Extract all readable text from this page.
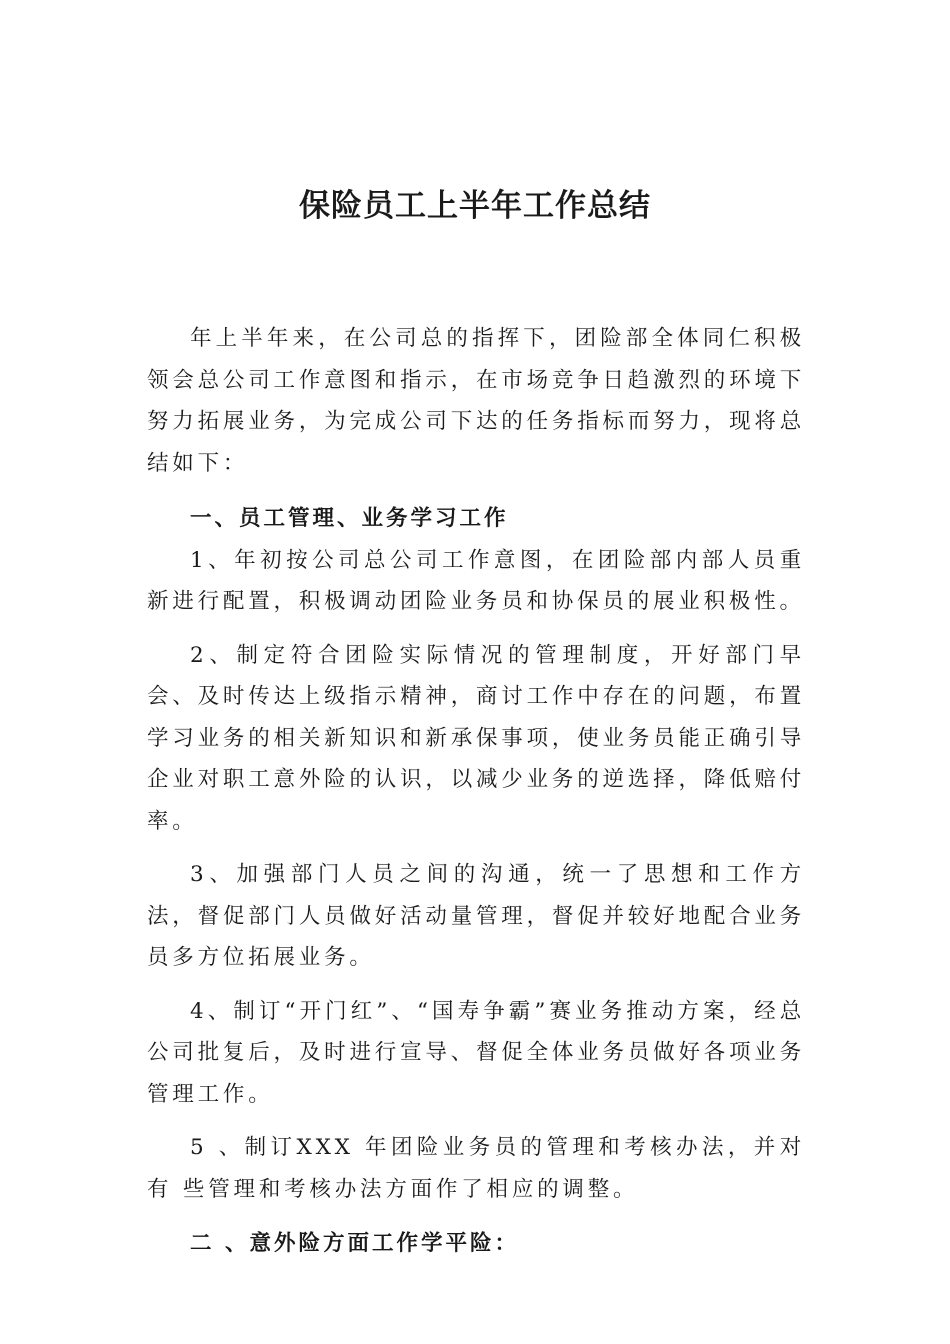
保险员工上半年工作总结

年上半年来，在公司总的指挥下，团险部全体同仁积极领会总公司工作意图和指示，在市场竞争日趋激烈的环境下努力拓展业务，为完成公司下达的任务指标而努力，现将总结如下：

一、员工管理、业务学习工作

1、年初按公司总公司工作意图，在团险部内部人员重新进行配置，积极调动团险业务员和协保员的展业积极性。

2、制定符合团险实际情况的管理制度，开好部门早会、及时传达上级指示精神，商讨工作中存在的问题，布置学习业务的相关新知识和新承保事项，使业务员能正确引导企业对职工意外险的认识，以减少业务的逆选择，降低赔付率。

3、加强部门人员之间的沟通，统一了思想和工作方法，督促部门人员做好活动量管理，督促并较好地配合业务员多方位拓展业务。

4、制订“开门红”、“国寿争霸”赛业务推动方案，经总公司批复后，及时进行宣导、督促全体业务员做好各项业务管理工作。

5 、制订XXX 年团险业务员的管理和考核办法，并对有 些管理和考核办法方面作了相应的调整。

二 、意外险方面工作学平险：
